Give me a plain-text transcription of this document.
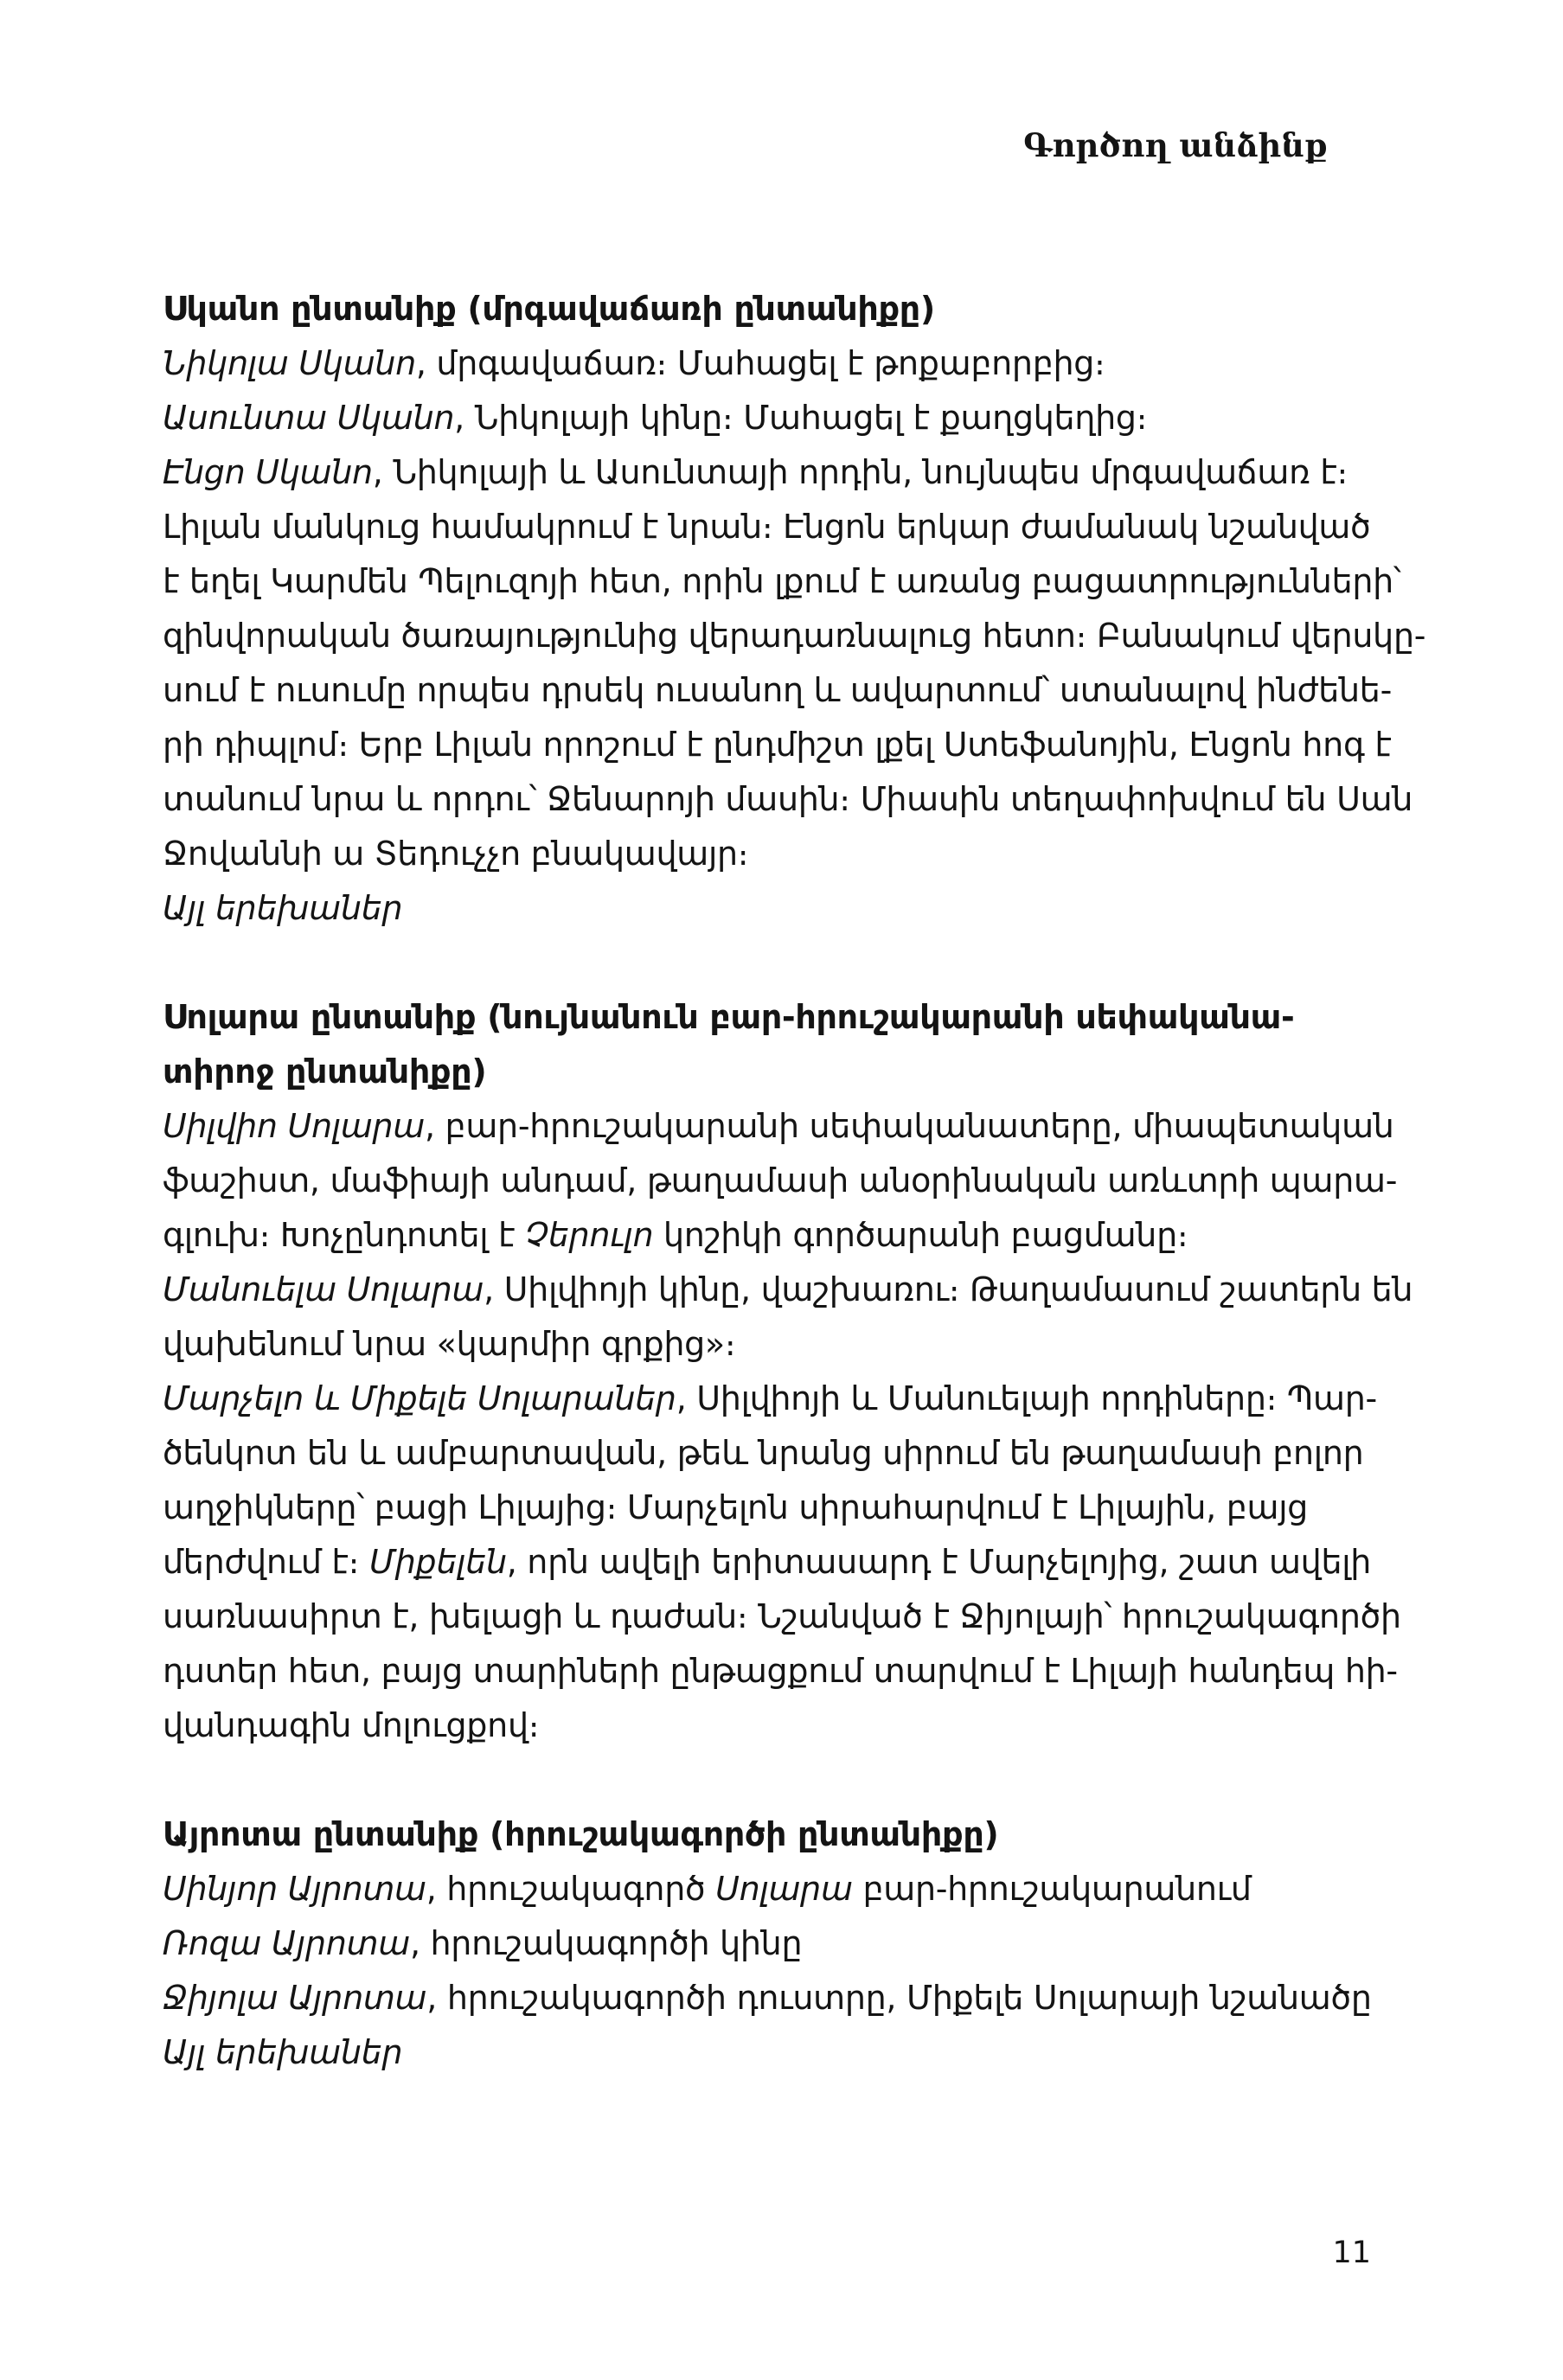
Գործող անձինք
Սկանո ընտանիք (մրգավաճառի ընտանիքը)
Նիկոլա Սկանո, մրգավաճառ։ Մահացել է թոքաբորբից։
Ասունտա Սկանո, Նիկոլայի կինը։ Մահացել է քաղցկեղից։
Էնցո Սկանո, Նիկոլայի և Ասունտայի որդին, նույնպես մրգավաճառ է։
Լիլան մանկուց համակրում է նրան։ Էնցոն երկար ժամանակ նշանված
է եղել Կարմեն Պելուզոյի հետ, որին լքում է առանց բացատրությունների՝
զինվորական ծառայությունից վերադառնալուց հետո։ Բանակում վերսկը-
սում է ուսումը որպես դրսեկ ուսանող և ավարտում՝ ստանալով ինժենե-
րի դիպլոմ։ Երբ Լիլան որոշում է ընդմիշտ լքել Ստեֆանոյին, Էնցոն հոգ է
տանում նրա և որդու՝ Ջենարոյի մասին։ Միասին տեղափոխվում են Սան
Ջովաննի ա Տեդուչչո բնակավայր։
Այլ երեխաներ
Սոլարա ընտանիք (նույնանուն բար-հրուշակարանի սեփականա-
տիրոջ ընտանիքը)
Սիլվիո Սոլարա, բար-հրուշակարանի սեփականատերը, միապետական
ֆաշիստ, մաֆիայի անդամ, թաղամասի անօրինական առևտրի պարա-
գլուխ։ Խոչընդոտել է Չերուլո կոշիկի գործարանի բացմանը։
Մանուելա Սոլարա, Սիլվիոյի կինը, վաշխառու։ Թաղամասում շատերն են
վախենում նրա «կարմիր գրքից»։
Մարչելո և Միքելե Սոլարաներ, Սիլվիոյի և Մանուելայի որդիները։ Պար-
ծենկոտ են և ամբարտավան, թեև նրանց սիրում են թաղամասի բոլոր
աղջիկները՝ բացի Լիլայից։ Մարչելոն սիրահարվում է Լիլային, բայց
մերժվում է։ Միքելեն, որն ավելի երիտասարդ է Մարչելոյից, շատ ավելի
սառնասիրտ է, խելացի և դաժան։ Նշանված է Ջիյոլայի՝ հրուշակագործի
դստեր հետ, բայց տարիների ընթացքում տարվում է Լիլայի հանդեպ հի-
վանդագին մոլուցքով։
Այրոտա ընտանիք (հրուշակագործի ընտանիքը)
Սինյոր Այրոտա, հրուշակագործ Սոլարա բար-հրուշակարանում
Ռոզա Այրոտա, հրուշակագործի կինը
Ջիյոլա Այրոտա, հրուշակագործի դուստրը, Միքելե Սոլարայի նշանածը
Այլ երեխաներ
11
